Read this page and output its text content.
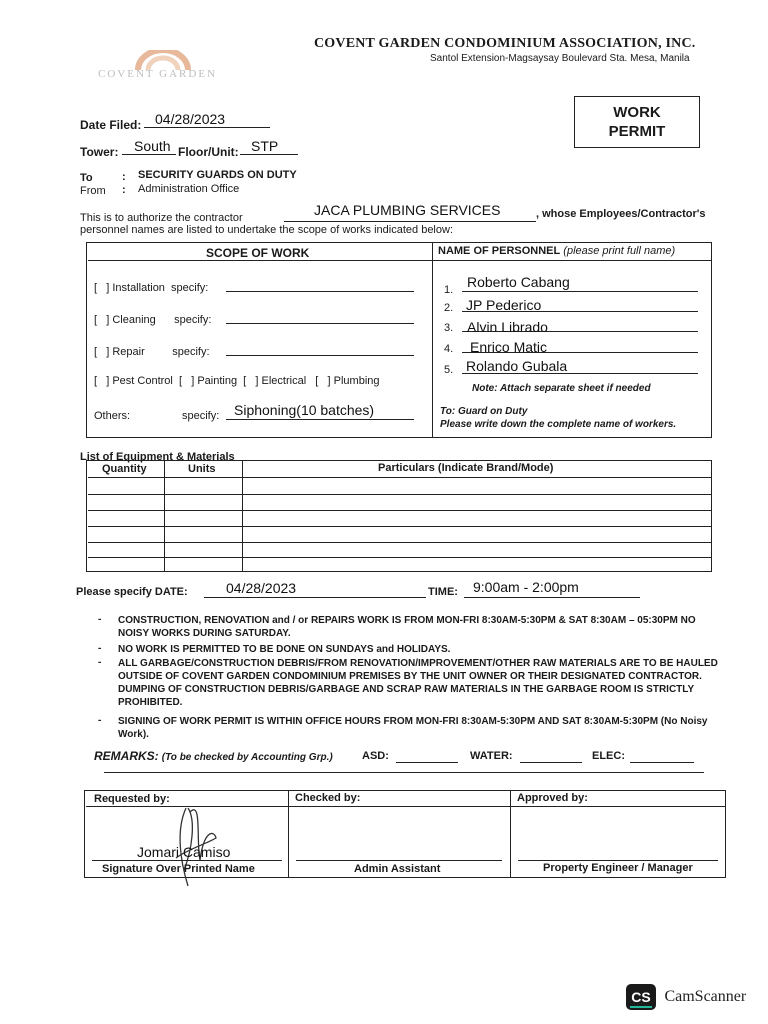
COVENT GARDEN
COVENT GARDEN CONDOMINIUM ASSOCIATION, INC.
Santol Extension-Magsaysay Boulevard Sta. Mesa, Manila
WORK
PERMIT
Date Filed: 04/28/2023
Tower: South Floor/Unit: STP
To	: SECURITY GUARDS ON DUTY
From : Administration Office
This is to authorize the contractor	JACA PLUMBING SERVICES	, whose Employees/Contractor's
personnel names are listed to undertake the scope of works indicated below:
SCOPE OF WORK	NAME OF PERSONNEL (please print full name)
[   ] Installation  specify:
[   ] Cleaning      specify:
[   ] Repair         specify:
[   ] Pest Control  [   ] Painting  [   ] Electrical   [   ] Plumbing
Others:	specify: Siphoning(10 batches)
1. Roberto Cabang
2. JP Pederico
3. Alvin Librado
4. Enrico Matic
5. Rolando Gubala
Note: Attach separate sheet if needed
To: Guard on Duty
Please write down the complete name of workers.
List of Equipment & Materials
Quantity	Units	Particulars (Indicate Brand/Mode)
Please specify DATE:	04/28/2023	TIME: 9:00am - 2:00pm
- CONSTRUCTION, RENOVATION and / or REPAIRS WORK IS FROM MON-FRI 8:30AM-5:30PM & SAT 8:30AM – 05:30PM NO NOISY WORKS DURING SATURDAY.
- NO WORK IS PERMITTED TO BE DONE ON SUNDAYS and HOLIDAYS.
- ALL GARBAGE/CONSTRUCTION DEBRIS/FROM RENOVATION/IMPROVEMENT/OTHER RAW MATERIALS ARE TO BE HAULED OUTSIDE OF COVENT GARDEN CONDOMINIUM PREMISES BY THE UNIT OWNER OR THEIR DESIGNATED CONTRACTOR. DUMPING OF CONSTRUCTION DEBRIS/GARBAGE AND SCRAP RAW MATERIALS IN THE GARBAGE ROOM IS STRICTLY PROHIBITED.
- SIGNING OF WORK PERMIT IS WITHIN OFFICE HOURS FROM MON-FRI 8:30AM-5:30PM AND SAT 8:30AM-5:30PM (No Noisy Work).
REMARKS: (To be checked by Accounting Grp.)	ASD:	WATER:	ELEC:
Requested by:	Checked by:	Approved by:
Jomari Camiso
Signature Over Printed Name	Admin Assistant	Property Engineer / Manager
CS CamScanner
